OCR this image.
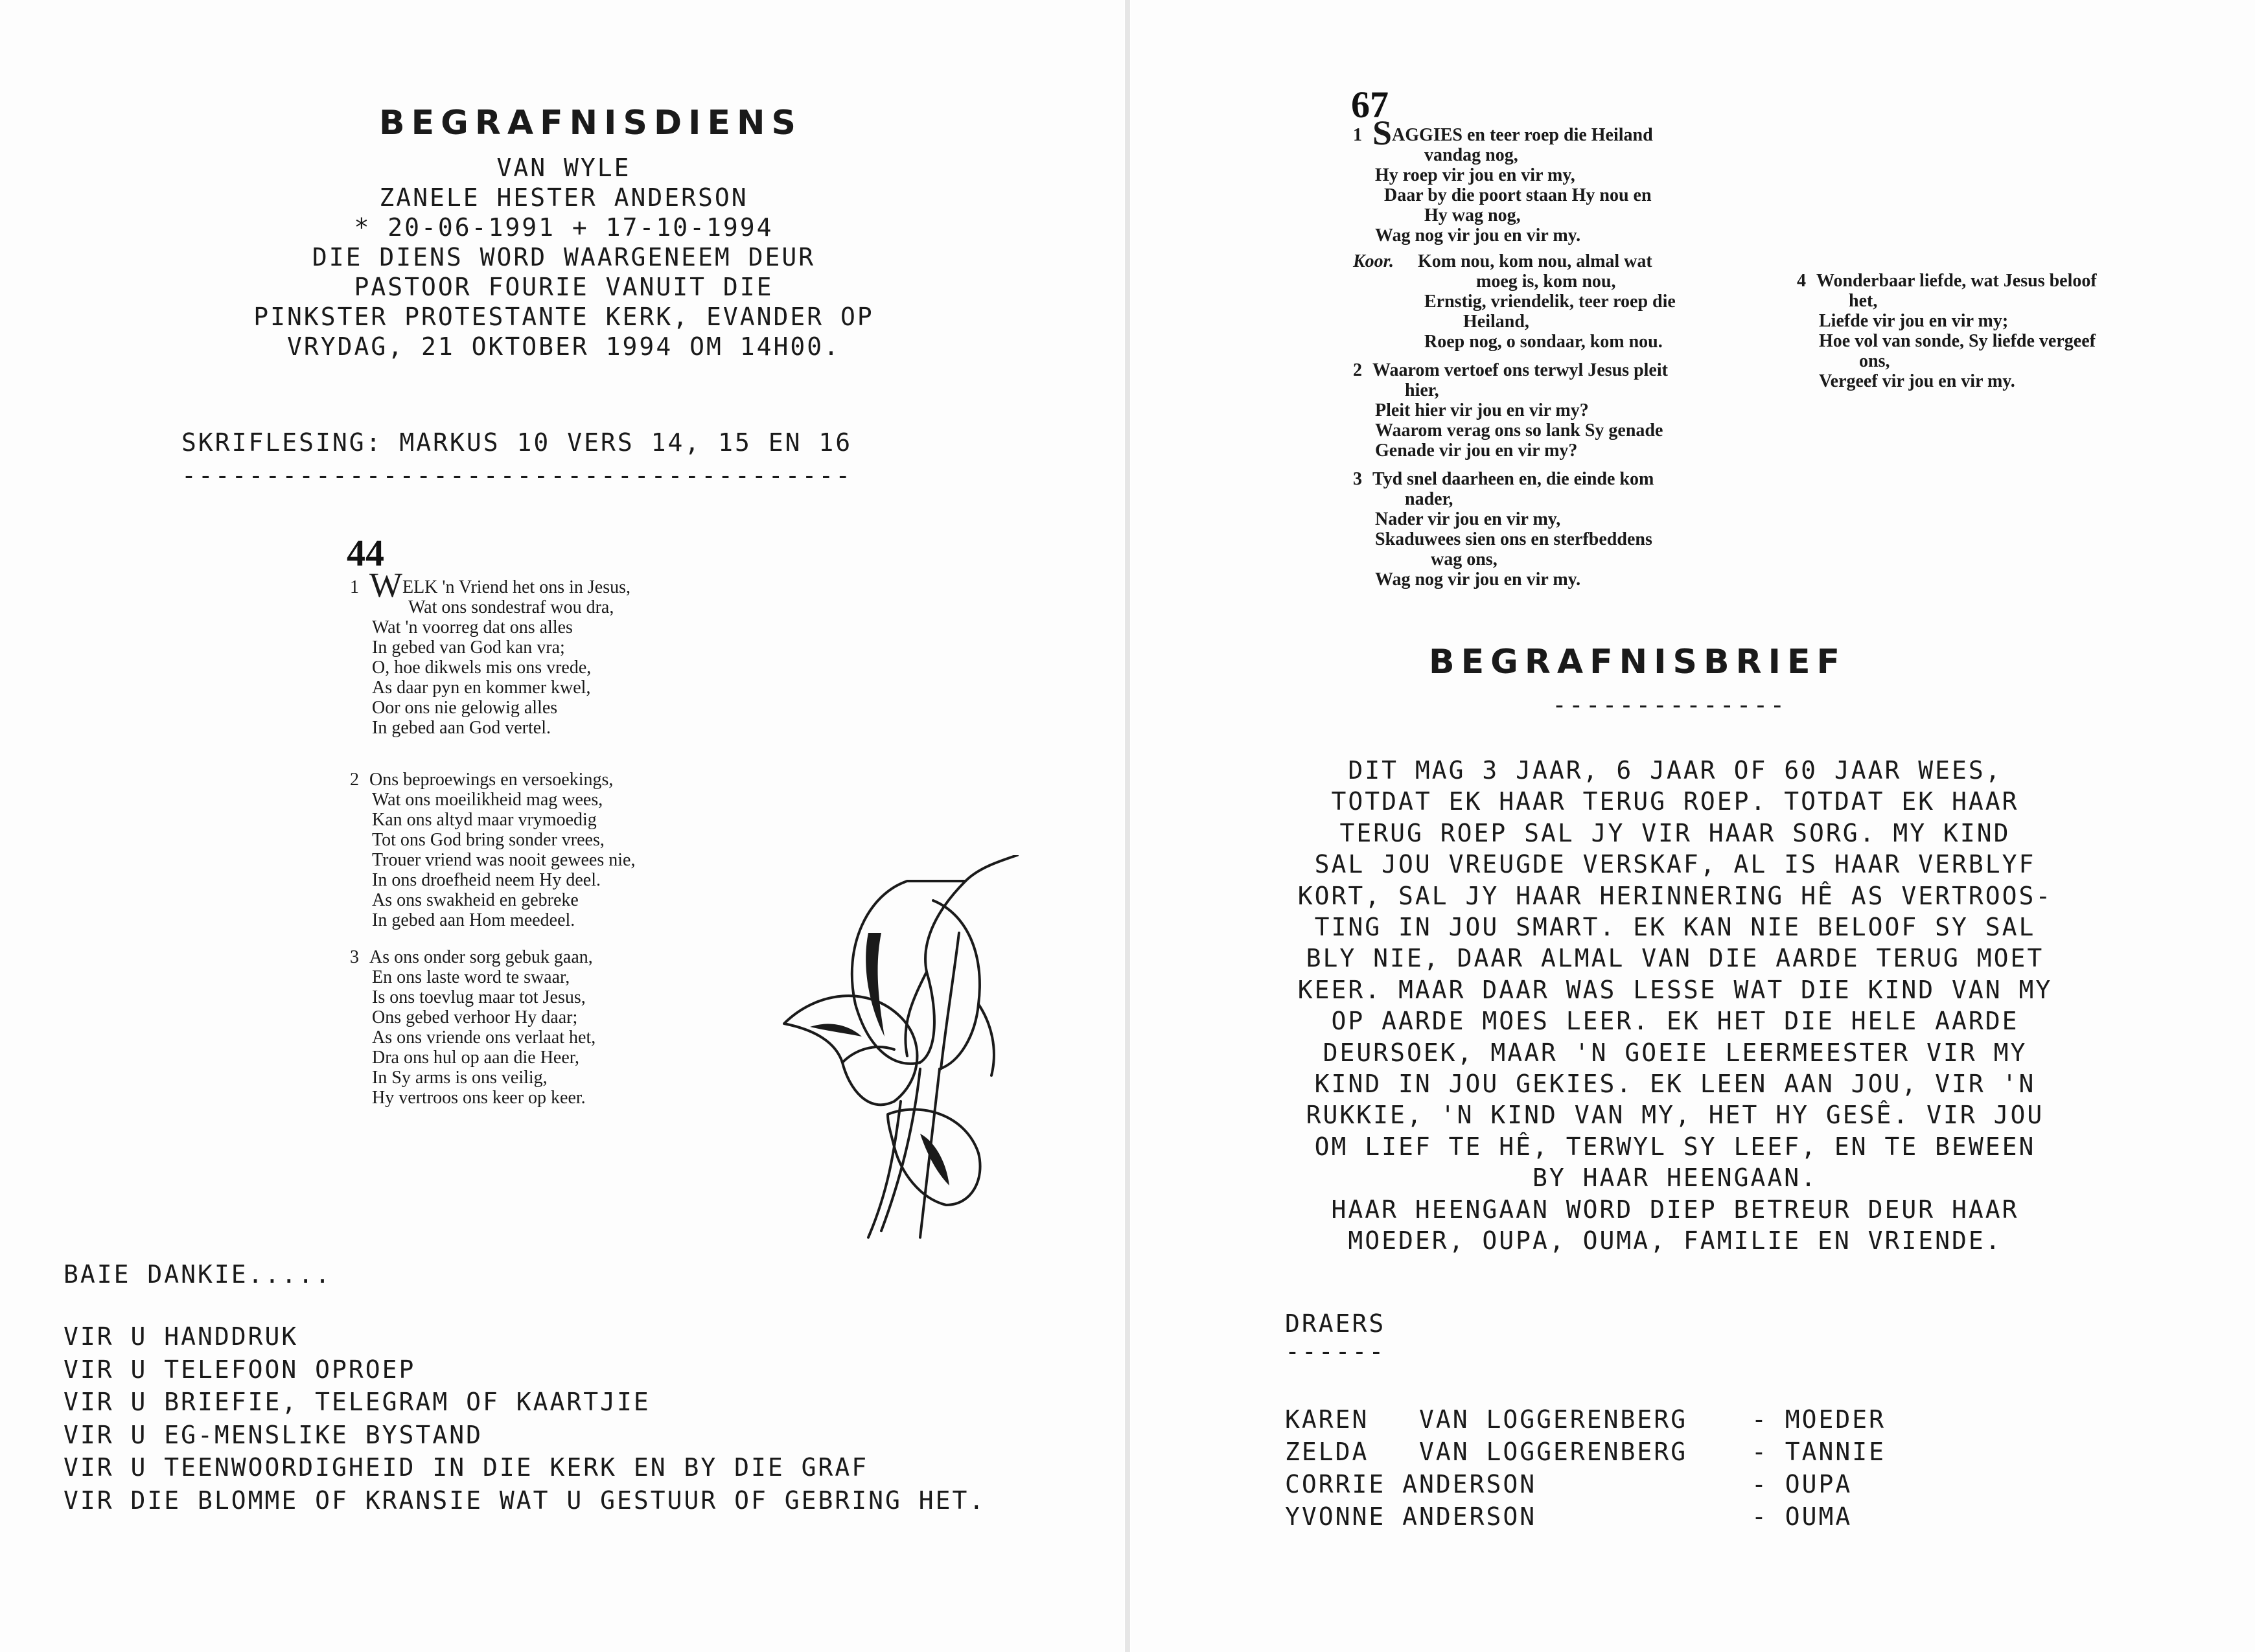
BEGRAFNISDIENS
VAN WYLE
ZANELE HESTER ANDERSON
* 20-06-1991 + 17-10-1994
DIE DIENS WORD WAARGENEEM DEUR
PASTOOR FOURIE VANUIT DIE
PINKSTER PROTESTANTE KERK, EVANDER OP
VRYDAG, 21 OKTOBER 1994 OM 14H00.
SKRIFLESING: MARKUS 10 VERS 14, 15 EN 16
----------------------------------------
44
1 WELK 'n Vriend het ons in Jesus,
Wat ons sondestraf wou dra,
Wat 'n voorreg dat ons alles
In gebed van God kan vra;
O, hoe dikwels mis ons vrede,
As daar pyn en kommer kwel,
Oor ons nie gelowig alles
In gebed aan God vertel.
2 Ons beproewings en versoekings,
Wat ons moeilikheid mag wees,
Kan ons altyd maar vrymoedig
Tot ons God bring sonder vrees,
Trouer vriend was nooit gewees nie,
In ons droefheid neem Hy deel.
As ons swakheid en gebreke
In gebed aan Hom meedeel.
3 As ons onder sorg gebuk gaan,
En ons laste word te swaar,
Is ons toevlug maar tot Jesus,
Ons gebed verhoor Hy daar;
As ons vriende ons verlaat het,
Dra ons hul op aan die Heer,
In Sy arms is ons veilig,
Hy vertroos ons keer op keer.
BAIE DANKIE.....
VIR U HANDDRUK
VIR U TELEFOON OPROEP
VIR U BRIEFIE, TELEGRAM OF KAARTJIE
VIR U EG-MENSLIKE BYSTAND
VIR U TEENWOORDIGHEID IN DIE KERK EN BY DIE GRAF
VIR DIE BLOMME OF KRANSIE WAT U GESTUUR OF GEBRING HET.
67
1 SAGGIES en teer roep die Heiland
vandag nog,
Hy roep vir jou en vir my,
Daar by die poort staan Hy nou en
Hy wag nog,
Wag nog vir jou en vir my.
Koor. Kom nou, kom nou, almal wat
moeg is, kom nou,
Ernstig, vriendelik, teer roep die
Heiland,
Roep nog, o sondaar, kom nou.
2 Waarom vertoef ons terwyl Jesus pleit
hier,
Pleit hier vir jou en vir my?
Waarom verag ons so lank Sy genade
Genade vir jou en vir my?
3 Tyd snel daarheen en, die einde kom
nader,
Nader vir jou en vir my,
Skaduwees sien ons en sterfbeddens
wag ons,
Wag nog vir jou en vir my.
4 Wonderbaar liefde, wat Jesus beloof
het,
Liefde vir jou en vir my;
Hoe vol van sonde, Sy liefde vergeef
ons,
Vergeef vir jou en vir my.
BEGRAFNISBRIEF
--------------
DIT MAG 3 JAAR, 6 JAAR OF 60 JAAR WEES,
TOTDAT EK HAAR TERUG ROEP. TOTDAT EK HAAR
TERUG ROEP SAL JY VIR HAAR SORG. MY KIND
SAL JOU VREUGDE VERSKAF, AL IS HAAR VERBLYF
KORT, SAL JY HAAR HERINNERING HÊ AS VERTROOS-
TING IN JOU SMART. EK KAN NIE BELOOF SY SAL
BLY NIE, DAAR ALMAL VAN DIE AARDE TERUG MOET
KEER. MAAR DAAR WAS LESSE WAT DIE KIND VAN MY
OP AARDE MOES LEER. EK HET DIE HELE AARDE
DEURSOEK, MAAR 'N GOEIE LEERMEESTER VIR MY
KIND IN JOU GEKIES. EK LEEN AAN JOU, VIR 'N
RUKKIE, 'N KIND VAN MY, HET HY GESÊ. VIR JOU
OM LIEF TE HÊ, TERWYL SY LEEF, EN TE BEWEEN
BY HAAR HEENGAAN.
HAAR HEENGAAN WORD DIEP BETREUR DEUR HAAR
MOEDER, OUPA, OUMA, FAMILIE EN VRIENDE.
DRAERS
------
KAREN   VAN LOGGERENBERG	- MOEDER
ZELDA   VAN LOGGERENBERG	- TANNIE
CORRIE ANDERSON	- OUPA
YVONNE ANDERSON	- OUMA
